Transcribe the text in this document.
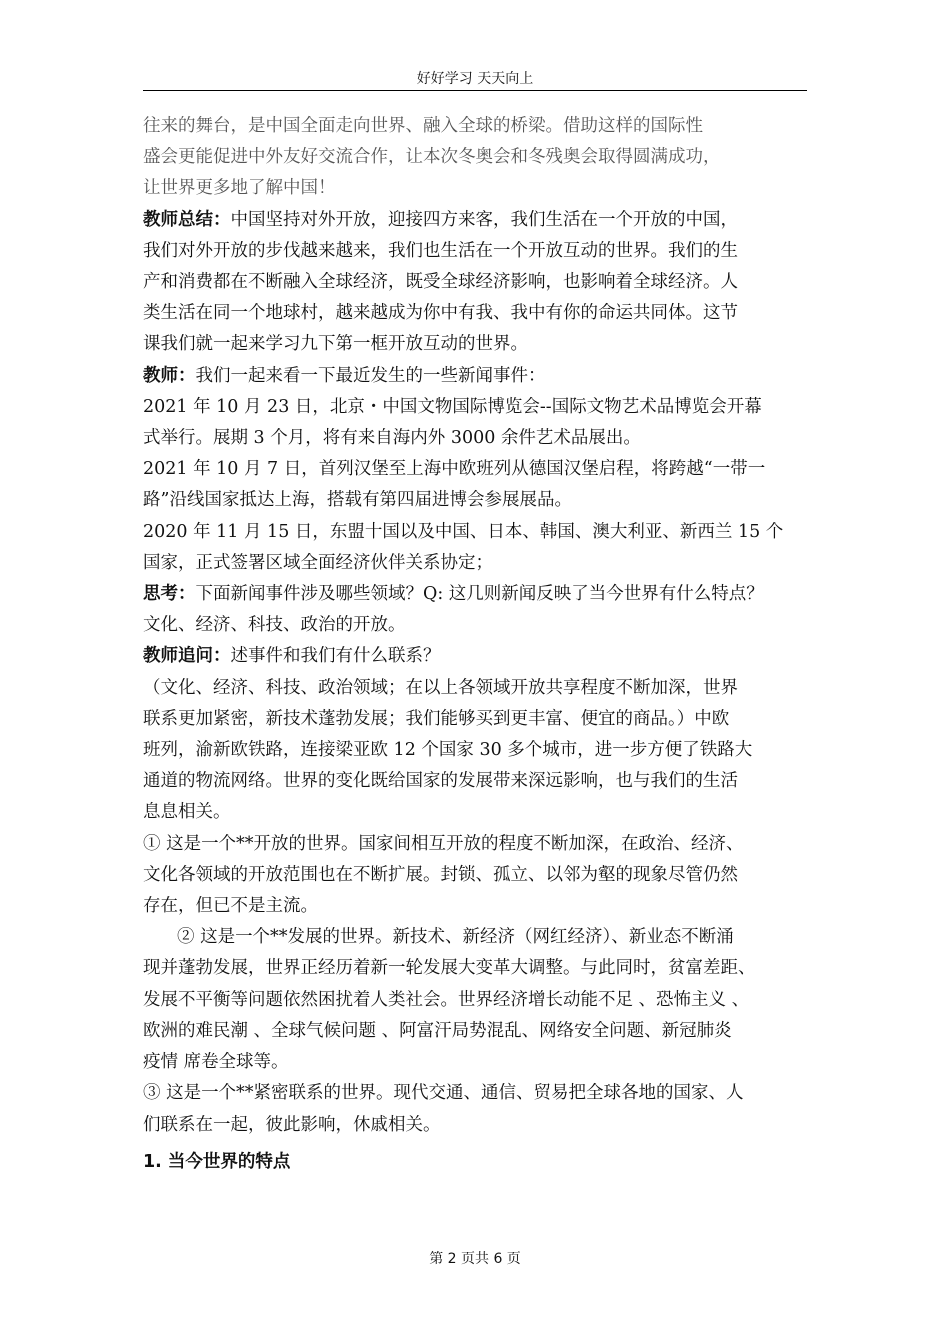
好好学习 天天向上

往来的舞台，是中国全面走向世界、融入全球的桥梁。借助这样的国际性
盛会更能促进中外友好交流合作，让本次冬奥会和冬残奥会取得圆满成功，
让世界更多地了解中国！

教师总结：中国坚持对外开放，迎接四方来客，我们生活在一个开放的中国，
我们对外开放的步伐越来越来，我们也生活在一个开放互动的世界。我们的生
产和消费都在不断融入全球经济，既受全球经济影响，也影响着全球经济。人
类生活在同一个地球村，越来越成为你中有我、我中有你的命运共同体。这节
课我们就一起来学习九下第一框开放互动的世界。

教师：我们一起来看一下最近发生的一些新闻事件：

2021 年 10 月 23 日，北京・中国文物国际博览会--国际文物艺术品博览会开幕
式举行。展期 3 个月，将有来自海内外 3000 余件艺术品展出。

2021 年 10 月 7 日，首列汉堡至上海中欧班列从德国汉堡启程，将跨越“一带一
路”沿线国家抵达上海，搭载有第四届进博会参展展品。

2020 年 11 月 15 日，东盟十国以及中国、日本、韩国、澳大利亚、新西兰 15 个
国家，正式签署区域全面经济伙伴关系协定；

思考：下面新闻事件涉及哪些领域？Q: 这几则新闻反映了当今世界有什么特点？
文化、经济、科技、政治的开放。

教师追问：述事件和我们有什么联系？

（文化、经济、科技、政治领域；在以上各领域开放共享程度不断加深，世界
联系更加紧密，新技术蓬勃发展；我们能够买到更丰富、便宜的商品。）中欧
班列，渝新欧铁路，连接梁亚欧 12 个国家 30 多个城市，进一步方便了铁路大
通道的物流网络。世界的变化既给国家的发展带来深远影响，也与我们的生活
息息相关。

① 这是一个**开放的世界。国家间相互开放的程度不断加深，在政治、经济、
文化各领域的开放范围也在不断扩展。封锁、孤立、以邻为壑的现象尽管仍然
存在，但已不是主流。

② 这是一个**发展的世界。新技术、新经济（网红经济）、新业态不断涌
现并蓬勃发展，世界正经历着新一轮发展大变革大调整。与此同时，贫富差距、
发展不平衡等问题依然困扰着人类社会。世界经济增长动能不足 、恐怖主义 、
欧洲的难民潮 、全球气候问题 、阿富汗局势混乱、网络安全问题、新冠肺炎
疫情 席卷全球等。

③ 这是一个**紧密联系的世界。现代交通、通信、贸易把全球各地的国家、人
们联系在一起，彼此影响，休戚相关。

1. 当今世界的特点

第 2 页共 6 页
